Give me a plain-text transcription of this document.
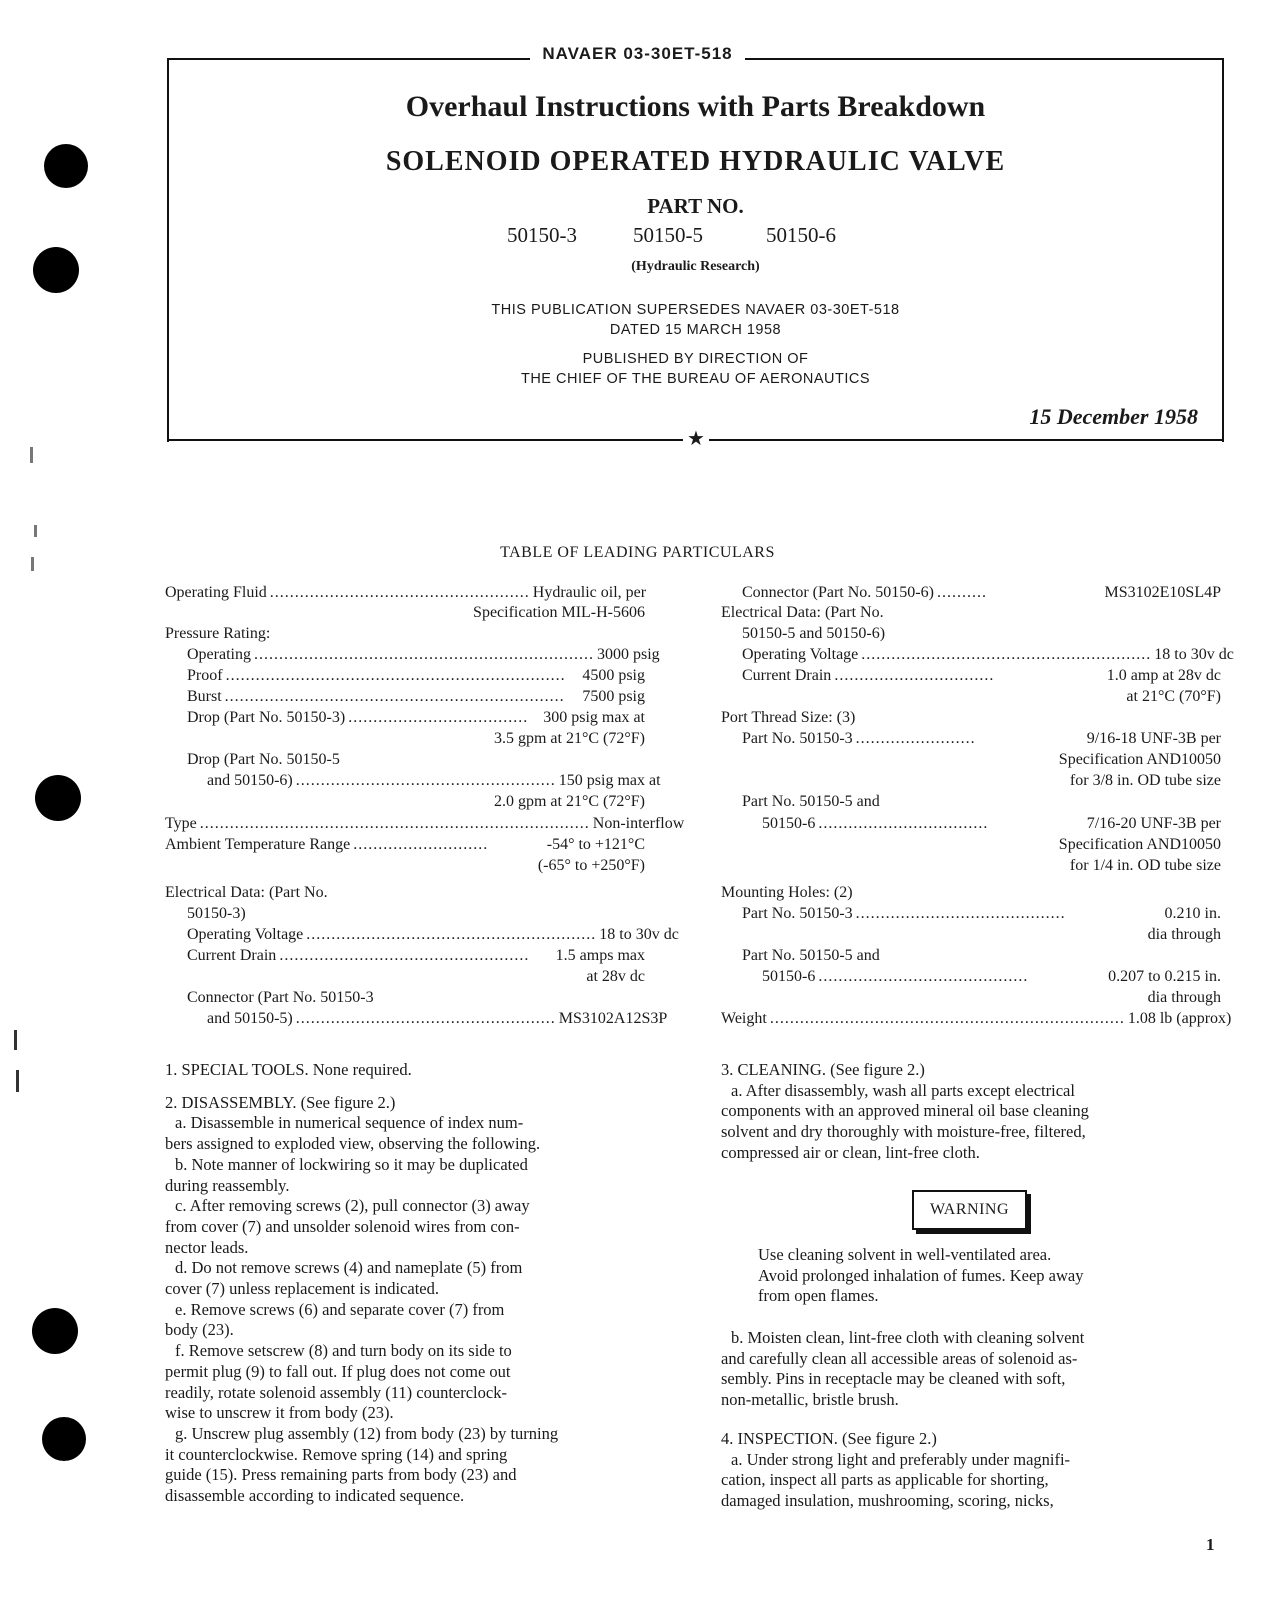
NAVAER 03-30ET-518
Overhaul Instructions with Parts Breakdown
SOLENOID OPERATED HYDRAULIC VALVE
PART NO.
50150-3	50150-5	50150-6
(Hydraulic Research)
THIS PUBLICATION SUPERSEDES NAVAER 03-30ET-518
DATED 15 MARCH 1958
PUBLISHED BY DIRECTION OF
THE CHIEF OF THE BUREAU OF AERONAUTICS
15 December 1958
★
TABLE OF LEADING PARTICULARS
Operating Fluid .................................................... Hydraulic oil, per
Specification MIL-H-5606
Pressure Rating:
Operating .................................................................... 3000 psig
Proof ....................................................................	4500 psig
Burst ....................................................................	7500 psig
Drop (Part No. 50150-3) .................................... 300 psig max at
3.5 gpm at 21°C (72°F)
Drop (Part No. 50150-5
and 50150-6) .................................................... 150 psig max at
2.0 gpm at 21°C (72°F)
Type .............................................................................. Non-interflow
Ambient Temperature Range ...........................	-54° to +121°C
(-65° to +250°F)
Electrical Data: (Part No.
50150-3)
Operating Voltage .......................................................... 18 to 30v dc
Current Drain ..................................................	1.5 amps max
at 28v dc
Connector (Part No. 50150-3
and 50150-5) .................................................... MS3102A12S3P
Connector (Part No. 50150-6) ..........	MS3102E10SL4P
Electrical Data: (Part No.
50150-5 and 50150-6)
Operating Voltage .......................................................... 18 to 30v dc
Current Drain ................................	1.0 amp at 28v dc
at 21°C (70°F)
Port Thread Size: (3)
Part No. 50150-3 ........................	9/16-18 UNF-3B per
Specification AND10050
for 3/8 in. OD tube size
Part No. 50150-5 and
50150-6 ..................................	7/16-20 UNF-3B per
Specification AND10050
for 1/4 in. OD tube size
Mounting Holes: (2)
Part No. 50150-3 ..........................................	0.210 in.
dia through
Part No. 50150-5 and
50150-6 ..........................................	0.207 to 0.215 in.
dia through
Weight ....................................................................... 1.08 lb (approx)

1. SPECIAL TOOLS. None required.

2. DISASSEMBLY. (See figure 2.)

a. Disassemble in numerical sequence of index num-

bers assigned to exploded view, observing the following.

b. Note manner of lockwiring so it may be duplicated

during reassembly.

c. After removing screws (2), pull connector (3) away

from cover (7) and unsolder solenoid wires from con-

nector leads.

d. Do not remove screws (4) and nameplate (5) from

cover (7) unless replacement is indicated.

e. Remove screws (6) and separate cover (7) from

body (23).

f. Remove setscrew (8) and turn body on its side to

permit plug (9) to fall out. If plug does not come out

readily, rotate solenoid assembly (11) counterclock-

wise to unscrew it from body (23).

g. Unscrew plug assembly (12) from body (23) by turning

it counterclockwise. Remove spring (14) and spring

guide (15). Press remaining parts from body (23) and

disassemble according to indicated sequence.

3. CLEANING. (See figure 2.)

a. After disassembly, wash all parts except electrical

components with an approved mineral oil base cleaning

solvent and dry thoroughly with moisture-free, filtered,

compressed air or clean, lint-free cloth.

WARNING

Use cleaning solvent in well-ventilated area.

Avoid prolonged inhalation of fumes. Keep away

from open flames.

b. Moisten clean, lint-free cloth with cleaning solvent

and carefully clean all accessible areas of solenoid as-

sembly. Pins in receptacle may be cleaned with soft,

non-metallic, bristle brush.

4. INSPECTION. (See figure 2.)

a. Under strong light and preferably under magnifi-

cation, inspect all parts as applicable for shorting,

damaged insulation, mushrooming, scoring, nicks,

1
